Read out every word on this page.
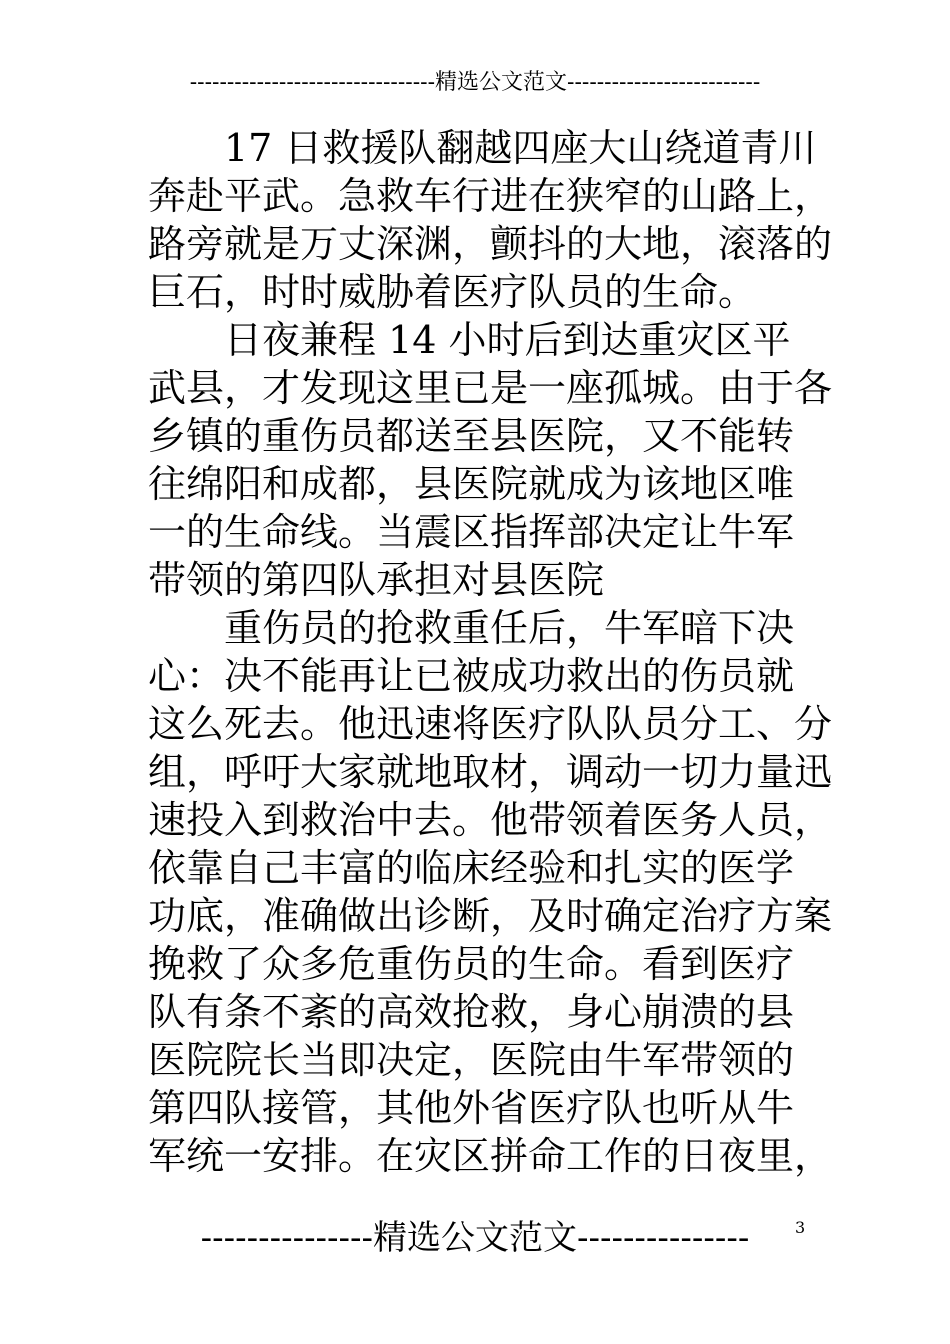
---------------------------------精选公文范文--------------------------
17 日救援队翻越四座大山绕道青川
奔赴平武。急救车行进在狭窄的山路上，
路旁就是万丈深渊，颤抖的大地，滚落的
巨石，时时威胁着医疗队员的生命。
日夜兼程 14 小时后到达重灾区平
武县，才发现这里已是一座孤城。由于各
乡镇的重伤员都送至县医院，又不能转
往绵阳和成都，县医院就成为该地区唯
一的生命线。当震区指挥部决定让牛军
带领的第四队承担对县医院
重伤员的抢救重任后，牛军暗下决
心：决不能再让已被成功救出的伤员就
这么死去。他迅速将医疗队队员分工、分
组，呼吁大家就地取材，调动一切力量迅
速投入到救治中去。他带领着医务人员，
依靠自己丰富的临床经验和扎实的医学
功底，准确做出诊断，及时确定治疗方案
挽救了众多危重伤员的生命。看到医疗
队有条不紊的高效抢救，身心崩溃的县
医院院长当即决定，医院由牛军带领的
第四队接管，其他外省医疗队也听从牛
军统一安排。在灾区拼命工作的日夜里，
---------------精选公文范文---------------	3
